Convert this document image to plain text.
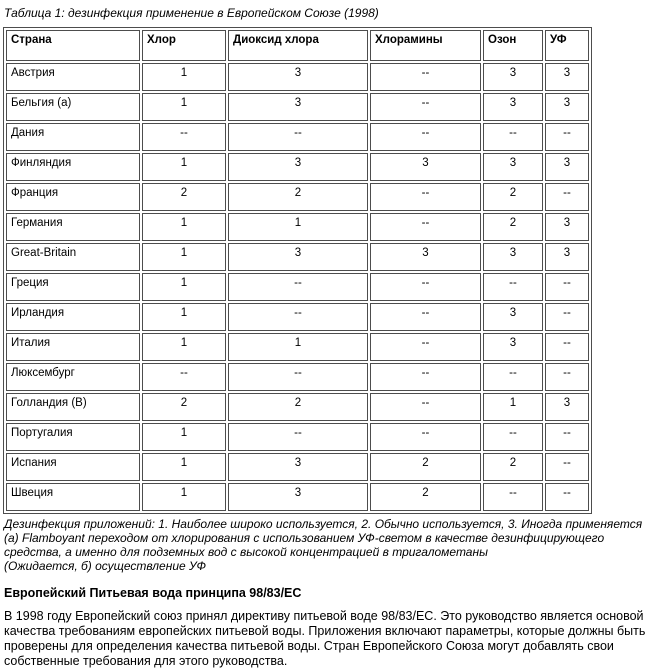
Таблица 1: дезинфекция применение в Европейском Союзе (1998)
Страна	Хлор	Диоксид хлора	Хлорамины	Озон	УФ
Австрия	1	3	--	3	3
Бельгия (а)	1	3	--	3	3
Дания	--	--	--	--	--
Финляндия	1	3	3	3	3
Франция	2	2	--	2	--
Германия	1	1	--	2	3
Great-Britain	1	3	3	3	3
Греция	1	--	--	--	--
Ирландия	1	--	--	3	--
Италия	1	1	--	3	--
Люксембург	--	--	--	--	--
Голландия (В)	2	2	--	1	3
Португалия	1	--	--	--	--
Испания	1	3	2	2	--
Швеция	1	3	2	--	--
Дезинфекция приложений: 1. Наиболее широко используется, 2. Обычно используется, 3. Иногда применяется
(а) Flamboyant переходом от хлорирования с использованием УФ-светом в качестве дезинфицирующего средства, а именно для подземных вод с высокой концентрацией в тригалометаны
(Ожидается, б) осуществление УФ
Европейский Питьевая вода принципа 98/83/ЕС

В 1998 году Европейский союз принял директиву питьевой воде 98/83/ЕС. Это руководство является основой качества требованиям европейских питьевой воды. Приложения включают параметры, которые должны быть проверены для определения качества питьевой воды. Стран Европейского Союза могут добавлять свои собственные требования для этого руководства.
